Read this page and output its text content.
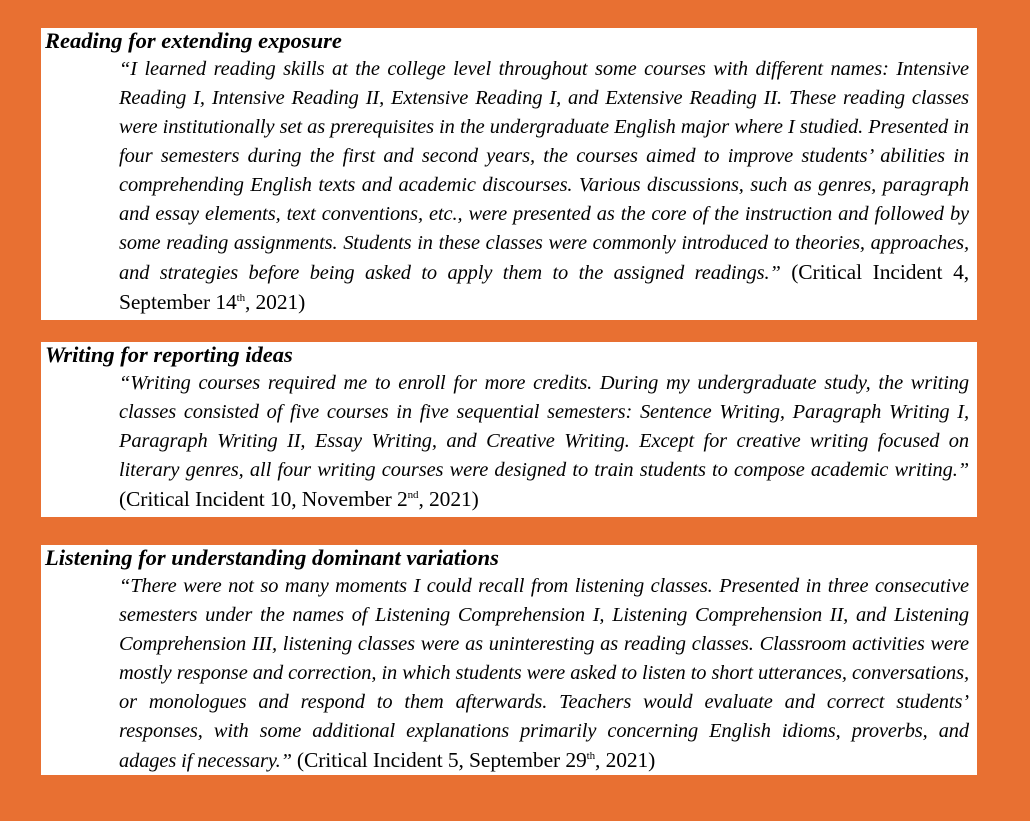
Reading for extending exposure

“I learned reading skills at the college level throughout some courses with different names: Intensive Reading I, Intensive Reading II, Extensive Reading I, and Extensive Reading II. These reading classes were institutionally set as prerequisites in the undergraduate English major where I studied. Presented in four semesters during the first and second years, the courses aimed to improve students’ abilities in comprehending English texts and academic discourses. Various discussions, such as genres, paragraph and essay elements, text conventions, etc., were presented as the core of the instruction and followed by some reading assignments. Students in these classes were commonly introduced to theories, approaches, and strategies before being asked to apply them to the assigned readings.” (Critical Incident 4, September 14th, 2021)

Writing for reporting ideas

“Writing courses required me to enroll for more credits. During my undergraduate study, the writing classes consisted of five courses in five sequential semesters: Sentence Writing, Paragraph Writing I, Paragraph Writing II, Essay Writing, and Creative Writing. Except for creative writing focused on literary genres, all four writing courses were designed to train students to compose academic writing.” (Critical Incident 10, November 2nd, 2021)

Listening for understanding dominant variations

“There were not so many moments I could recall from listening classes. Presented in three consecutive semesters under the names of Listening Comprehension I, Listening Comprehension II, and Listening Comprehension III, listening classes were as uninteresting as reading classes. Classroom activities were mostly response and correction, in which students were asked to listen to short utterances, conversations, or monologues and respond to them afterwards. Teachers would evaluate and correct students’ responses, with some additional explanations primarily concerning English idioms, proverbs, and adages if necessary.” (Critical Incident 5, September 29th, 2021)
